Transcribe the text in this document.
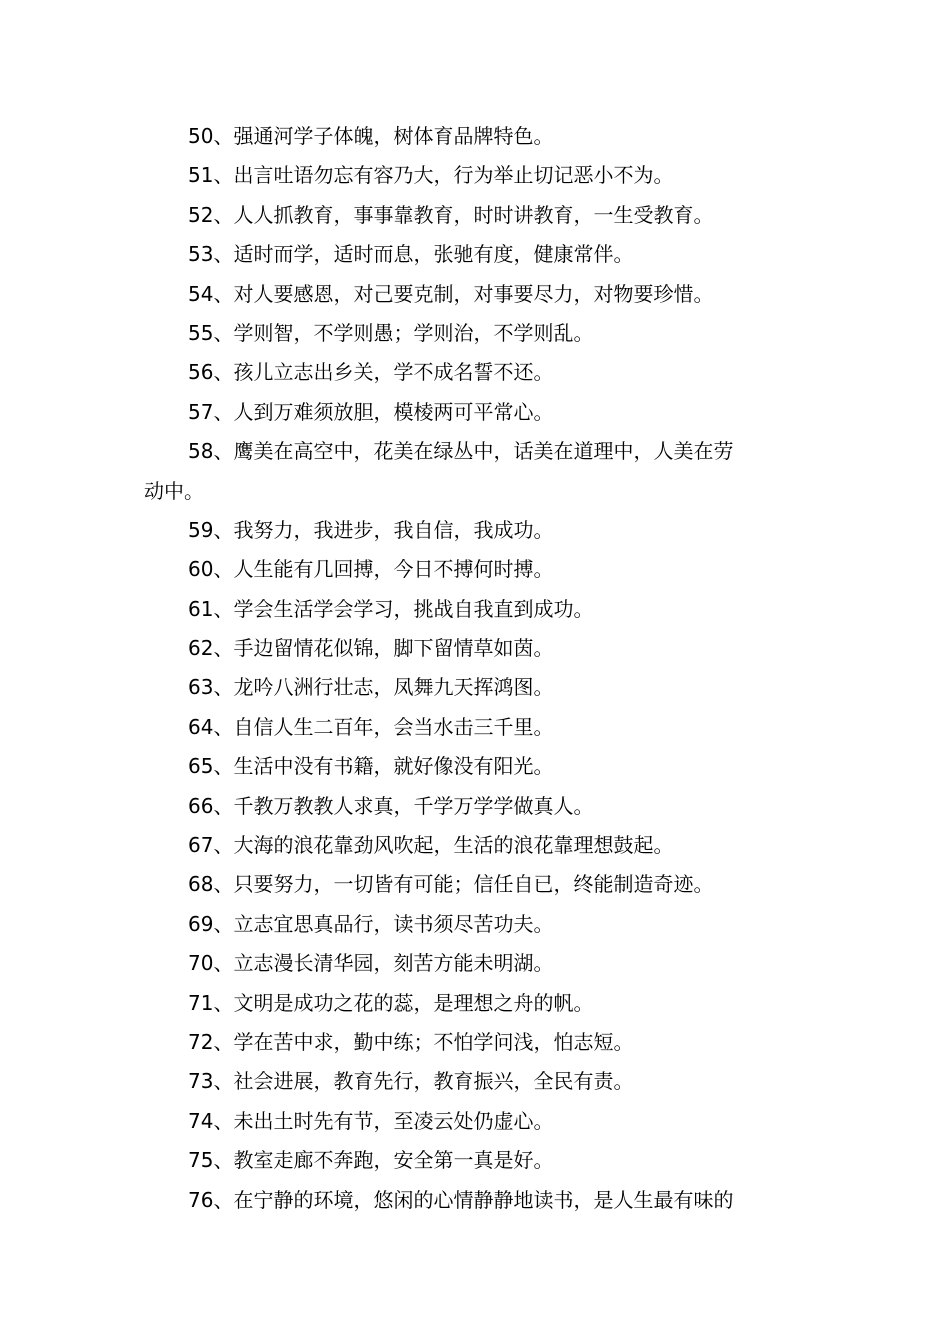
50、强通河学子体魄，树体育品牌特色。
51、出言吐语勿忘有容乃大，行为举止切记恶小不为。
52、人人抓教育，事事靠教育，时时讲教育，一生受教育。
53、适时而学，适时而息，张驰有度，健康常伴。
54、对人要感恩，对己要克制，对事要尽力，对物要珍惜。
55、学则智，不学则愚；学则治，不学则乱。
56、孩儿立志出乡关，学不成名誓不还。
57、人到万难须放胆，模棱两可平常心。
58、鹰美在高空中，花美在绿丛中，话美在道理中，人美在劳
动中。
59、我努力，我进步，我自信，我成功。
60、人生能有几回搏，今日不搏何时搏。
61、学会生活学会学习，挑战自我直到成功。
62、手边留情花似锦，脚下留情草如茵。
63、龙吟八洲行壮志，凤舞九天挥鸿图。
64、自信人生二百年，会当水击三千里。
65、生活中没有书籍，就好像没有阳光。
66、千教万教教人求真，千学万学学做真人。
67、大海的浪花靠劲风吹起，生活的浪花靠理想鼓起。
68、只要努力，一切皆有可能；信任自已，终能制造奇迹。
69、立志宜思真品行，读书须尽苦功夫。
70、立志漫长清华园，刻苦方能未明湖。
71、文明是成功之花的蕊，是理想之舟的帆。
72、学在苦中求，勤中练；不怕学问浅，怕志短。
73、社会进展，教育先行，教育振兴，全民有责。
74、未出土时先有节，至凌云处仍虚心。
75、教室走廊不奔跑，安全第一真是好。
76、在宁静的环境，悠闲的心情静静地读书，是人生最有味的
